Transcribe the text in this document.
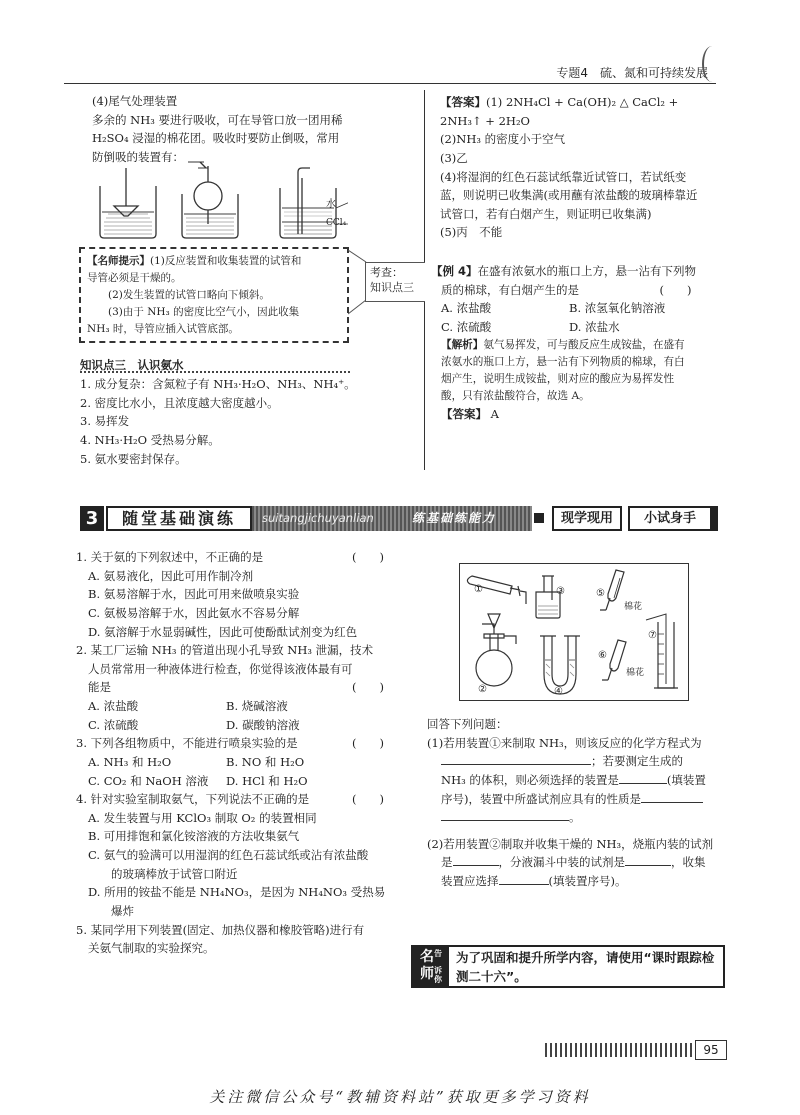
专题4　硫、氮和可持续发展
(4)尾气处理装置
多余的 NH₃ 要进行吸收，可在导管口放一团用稀
H₂SO₄ 浸湿的棉花团。吸收时要防止倒吸，常用
防倒吸的装置有：
水
CCl₄
【名师提示】(1)反应装置和收集装置的试管和
导管必须是干燥的。
　　(2)发生装置的试管口略向下倾斜。
　　(3)由于 NH₃ 的密度比空气小，因此收集
NH₃ 时，导管应插入试管底部。
知识点三　认识氨水
1. 成分复杂：含氮粒子有 NH₃·H₂O、NH₃、NH₄⁺。
2. 密度比水小，且浓度越大密度越小。
3. 易挥发
4. NH₃·H₂O 受热易分解。
5. 氨水要密封保存。
考查：
知识点三
【答案】(1) 2NH₄Cl + Ca(OH)₂ △ CaCl₂ +
2NH₃↑ + 2H₂O
(2)NH₃ 的密度小于空气
(3)乙
(4)将湿润的红色石蕊试纸靠近试管口，若试纸变
蓝，则说明已收集满(或用蘸有浓盐酸的玻璃棒靠近
试管口，若有白烟产生，则证明已收集满)
(5)丙　不能
【例 4】在盛有浓氨水的瓶口上方，悬一沾有下列物
质的棉球，有白烟产生的是　　　　　　　(　　)
A. 浓盐酸	B. 浓氢氧化钠溶液
C. 浓硫酸	D. 浓盐水
【解析】氨气易挥发，可与酸反应生成铵盐，在盛有
浓氨水的瓶口上方，悬一沾有下列物质的棉球，有白
烟产生，说明生成铵盐，则对应的酸应为易挥发性
酸，只有浓盐酸符合，故选 A。
【答案】 A
3	随堂基础演练	suitangjichuyanlian	练基础练能力	现学现用	小试身手
1. 关于氨的下列叙述中，不正确的是	(　　)
A. 氨易液化，因此可用作制冷剂
B. 氨易溶解于水，因此可用来做喷泉实验
C. 氨极易溶解于水，因此氨水不容易分解
D. 氨溶解于水显弱碱性，因此可使酚酞试剂变为红色
2. 某工厂运输 NH₃ 的管道出现小孔导致 NH₃ 泄漏，技术
人员常常用一种液体进行检查，你觉得该液体最有可
能是	(　　)
A. 浓盐酸	B. 烧碱溶液
C. 浓硫酸	D. 碳酸钠溶液
3. 下列各组物质中，不能进行喷泉实验的是	(　　)
A. NH₃ 和 H₂O	B. NO 和 H₂O
C. CO₂ 和 NaOH 溶液 D. HCl 和 H₂O
4. 针对实验室制取氨气，下列说法不正确的是	(　　)
A. 发生装置与用 KClO₃ 制取 O₂ 的装置相同
B. 可用排饱和氯化铵溶液的方法收集氨气
C. 氨气的验满可以用湿润的红色石蕊试纸或沾有浓盐酸
　　的玻璃棒放于试管口附近
D. 所用的铵盐不能是 NH₄NO₃，是因为 NH₄NO₃ 受热易
　　爆炸
5. 某同学用下列装置(固定、加热仪器和橡胶管略)进行有
关氨气制取的实验探究。
①	③
②	④
⑤
⑥
⑦
棉花
棉花
回答下列问题：
(1)若用装置①来制取 NH₃，则该反应的化学方程式为
；若要测定生成的
NH₃ 的体积，则必须选择的装置是	(填装置
序号)，装置中所盛试剂应具有的性质是
。
(2)若用装置②制取并收集干燥的 NH₃，烧瓶内装的试剂
是	，分液漏斗中装的试剂是	，收集
装置应选择	(填装置序号)。
名告
师诉你
为了巩固和提升所学内容，请使用“课时跟踪检测二十六”。
95
关注微信公众号“教辅资料站”获取更多学习资料
